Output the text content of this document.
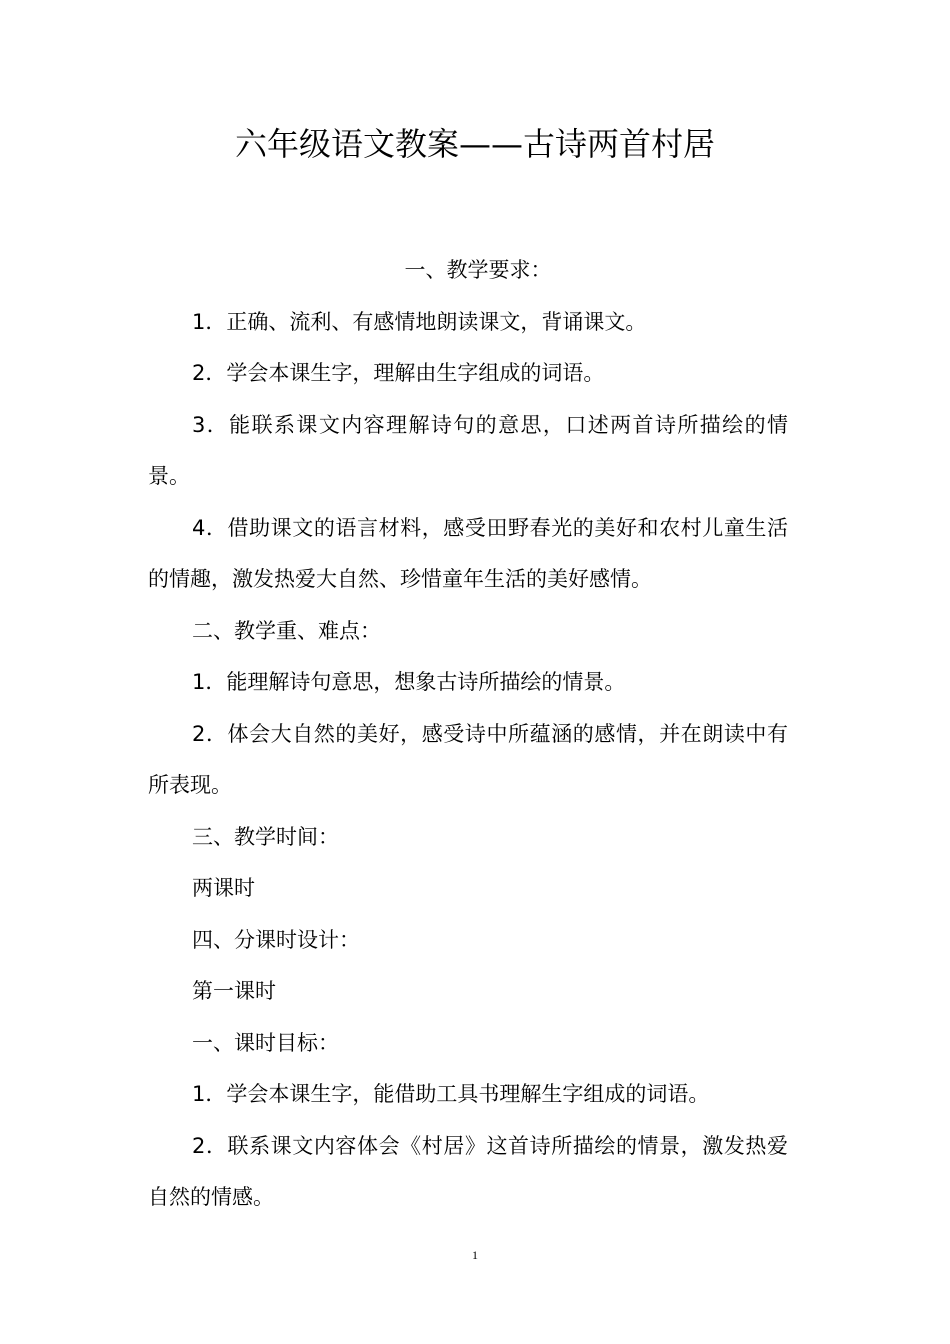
六年级语文教案——古诗两首村居

一、教学要求：

1．正确、流利、有感情地朗读课文，背诵课文。

2．学会本课生字，理解由生字组成的词语。

3．能联系课文内容理解诗句的意思，口述两首诗所描绘的情景。

4．借助课文的语言材料，感受田野春光的美好和农村儿童生活的情趣，激发热爱大自然、珍惜童年生活的美好感情。

二、教学重、难点：

1．能理解诗句意思，想象古诗所描绘的情景。

2．体会大自然的美好，感受诗中所蕴涵的感情，并在朗读中有所表现。

三、教学时间：

两课时

四、分课时设计：

第一课时

一、课时目标：

1．学会本课生字，能借助工具书理解生字组成的词语。

2．联系课文内容体会《村居》这首诗所描绘的情景，激发热爱自然的情感。

1
